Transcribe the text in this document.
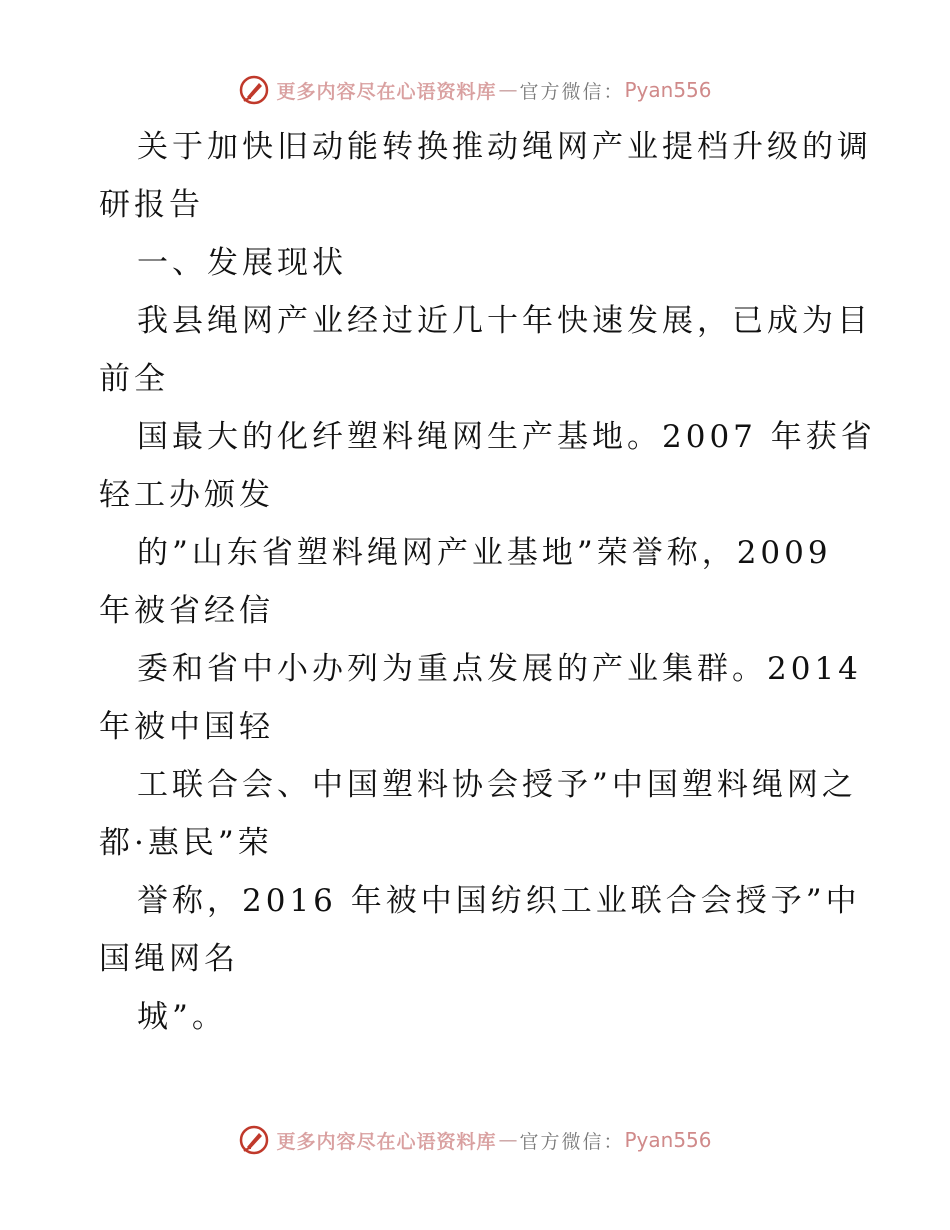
更多内容尽在心语资料库 — 官方微信： Pyan556
关于加快旧动能转换推动绳网产业提档升级的调
研报告
一、发展现状
我县绳网产业经过近几十年快速发展，已成为目
前全
国最大的化纤塑料绳网生产基地。2007 年获省
轻工办颁发
的”山东省塑料绳网产业基地”荣誉称，2009
年被省经信
委和省中小办列为重点发展的产业集群。2014
年被中国轻
工联合会、中国塑料协会授予”中国塑料绳网之
都·惠民”荣
誉称，2016 年被中国纺织工业联合会授予”中
国绳网名
城”。
更多内容尽在心语资料库 — 官方微信： Pyan556
